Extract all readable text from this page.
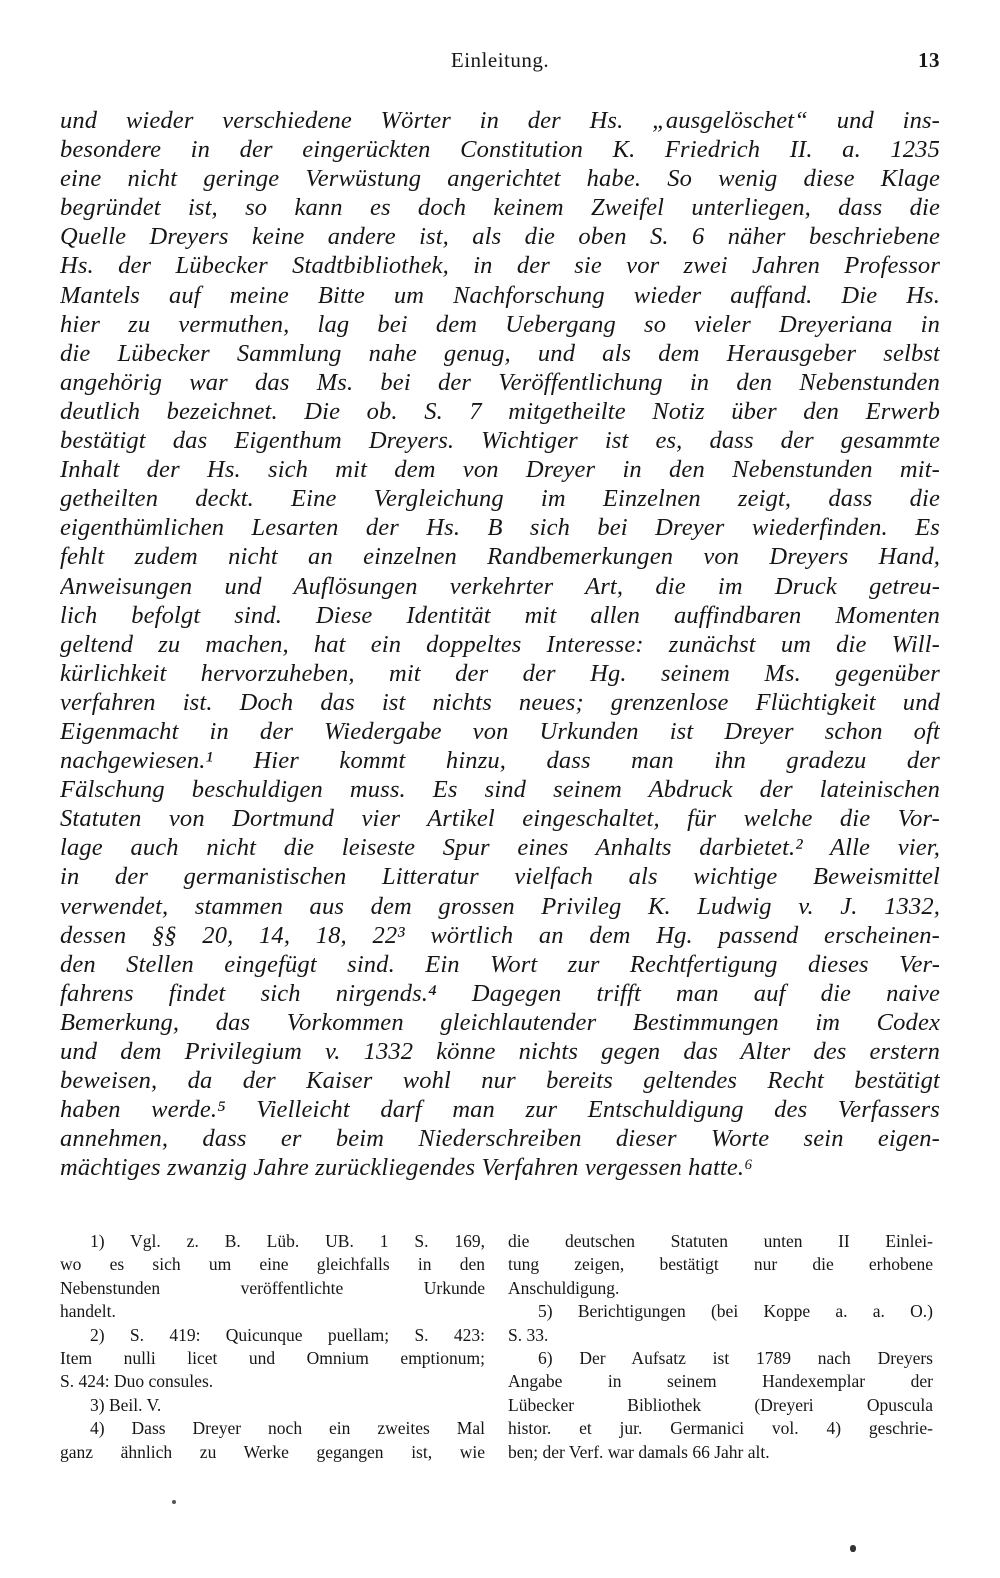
Einleitung.	13
und wieder verschiedene Wörter in der Hs. „ausgelöschet“ und ins-
besondere in der eingerückten Constitution K. Friedrich II. a. 1235
eine nicht geringe Verwüstung angerichtet habe. So wenig diese Klage
begründet ist, so kann es doch keinem Zweifel unterliegen, dass die
Quelle Dreyers keine andere ist, als die oben S. 6 näher beschriebene
Hs. der Lübecker Stadtbibliothek, in der sie vor zwei Jahren Professor
Mantels auf meine Bitte um Nachforschung wieder auffand. Die Hs.
hier zu vermuthen, lag bei dem Uebergang so vieler Dreyeriana in
die Lübecker Sammlung nahe genug, und als dem Herausgeber selbst
angehörig war das Ms. bei der Veröffentlichung in den Nebenstunden
deutlich bezeichnet. Die ob. S. 7 mitgetheilte Notiz über den Erwerb
bestätigt das Eigenthum Dreyers. Wichtiger ist es, dass der gesammte
Inhalt der Hs. sich mit dem von Dreyer in den Nebenstunden mit-
getheilten deckt. Eine Vergleichung im Einzelnen zeigt, dass die
eigenthümlichen Lesarten der Hs. B sich bei Dreyer wiederfinden. Es
fehlt zudem nicht an einzelnen Randbemerkungen von Dreyers Hand,
Anweisungen und Auflösungen verkehrter Art, die im Druck getreu-
lich befolgt sind. Diese Identität mit allen auffindbaren Momenten
geltend zu machen, hat ein doppeltes Interesse: zunächst um die Will-
kürlichkeit hervorzuheben, mit der der Hg. seinem Ms. gegenüber
verfahren ist. Doch das ist nichts neues; grenzenlose Flüchtigkeit und
Eigenmacht in der Wiedergabe von Urkunden ist Dreyer schon oft
nachgewiesen.¹ Hier kommt hinzu, dass man ihn gradezu der
Fälschung beschuldigen muss. Es sind seinem Abdruck der lateinischen
Statuten von Dortmund vier Artikel eingeschaltet, für welche die Vor-
lage auch nicht die leiseste Spur eines Anhalts darbietet.² Alle vier,
in der germanistischen Litteratur vielfach als wichtige Beweismittel
verwendet, stammen aus dem grossen Privileg K. Ludwig v. J. 1332,
dessen §§ 20, 14, 18, 22³ wörtlich an dem Hg. passend erscheinen-
den Stellen eingefügt sind. Ein Wort zur Rechtfertigung dieses Ver-
fahrens findet sich nirgends.⁴ Dagegen trifft man auf die naive
Bemerkung, das Vorkommen gleichlautender Bestimmungen im Codex
und dem Privilegium v. 1332 könne nichts gegen das Alter des erstern
beweisen, da der Kaiser wohl nur bereits geltendes Recht bestätigt
haben werde.⁵ Vielleicht darf man zur Entschuldigung des Verfassers
annehmen, dass er beim Niederschreiben dieser Worte sein eigen-
mächtiges zwanzig Jahre zurückliegendes Verfahren vergessen hatte.⁶
1) Vgl. z. B. Lüb. UB. 1 S. 169,
wo es sich um eine gleichfalls in den
Nebenstunden veröffentlichte Urkunde
handelt.
2) S. 419: Quicunque puellam; S. 423:
Item nulli licet und Omnium emptionum;
S. 424: Duo consules.
3) Beil. V.
4) Dass Dreyer noch ein zweites Mal
ganz ähnlich zu Werke gegangen ist, wie
die deutschen Statuten unten II Einlei-
tung zeigen, bestätigt nur die erhobene
Anschuldigung.
5) Berichtigungen (bei Koppe a. a. O.)
S. 33.
6) Der Aufsatz ist 1789 nach Dreyers
Angabe in seinem Handexemplar der
Lübecker Bibliothek (Dreyeri Opuscula
histor. et jur. Germanici vol. 4) geschrie-
ben; der Verf. war damals 66 Jahr alt.
